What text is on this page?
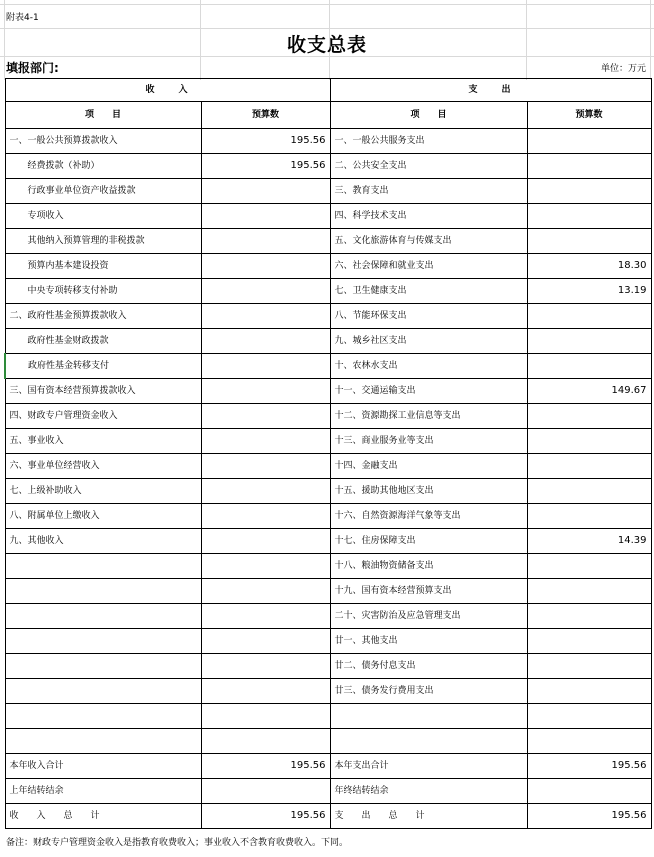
附表4-1
收支总表
填报部门:	单位：万元
收　　入		支　　出	
项　　目	预算数	项　　目	预算数
一、一般公共预算拨款收入	195.56	一、一般公共服务支出	
经费拨款（补助）	195.56	二、公共安全支出	
行政事业单位资产收益拨款		三、教育支出	
专项收入		四、科学技术支出	
其他纳入预算管理的非税拨款		五、文化旅游体育与传媒支出	
预算内基本建设投资		六、社会保障和就业支出	18.30
中央专项转移支付补助		七、卫生健康支出	13.19
二、政府性基金预算拨款收入		八、节能环保支出	
政府性基金财政拨款		九、城乡社区支出	
政府性基金转移支付		十、农林水支出	
三、国有资本经营预算拨款收入		十一、交通运输支出	149.67
四、财政专户管理资金收入		十二、资源勘探工业信息等支出	
五、事业收入		十三、商业服务业等支出	
六、事业单位经营收入		十四、金融支出	
七、上级补助收入		十五、援助其他地区支出	
八、附属单位上缴收入		十六、自然资源海洋气象等支出	
九、其他收入		十七、住房保障支出	14.39
		十八、粮油物资储备支出	
		十九、国有资本经营预算支出	
		二十、灾害防治及应急管理支出	
		廿一、其他支出	
		廿二、债务付息支出	
		廿三、债务发行费用支出	

本年收入合计	195.56	本年支出合计	195.56
上年结转结余		年终结转结余	
收　　入　　总　　计	195.56	支　　出　　总　　计	195.56
备注：财政专户管理资金收入是指教育收费收入；事业收入不含教育收费收入。下同。
